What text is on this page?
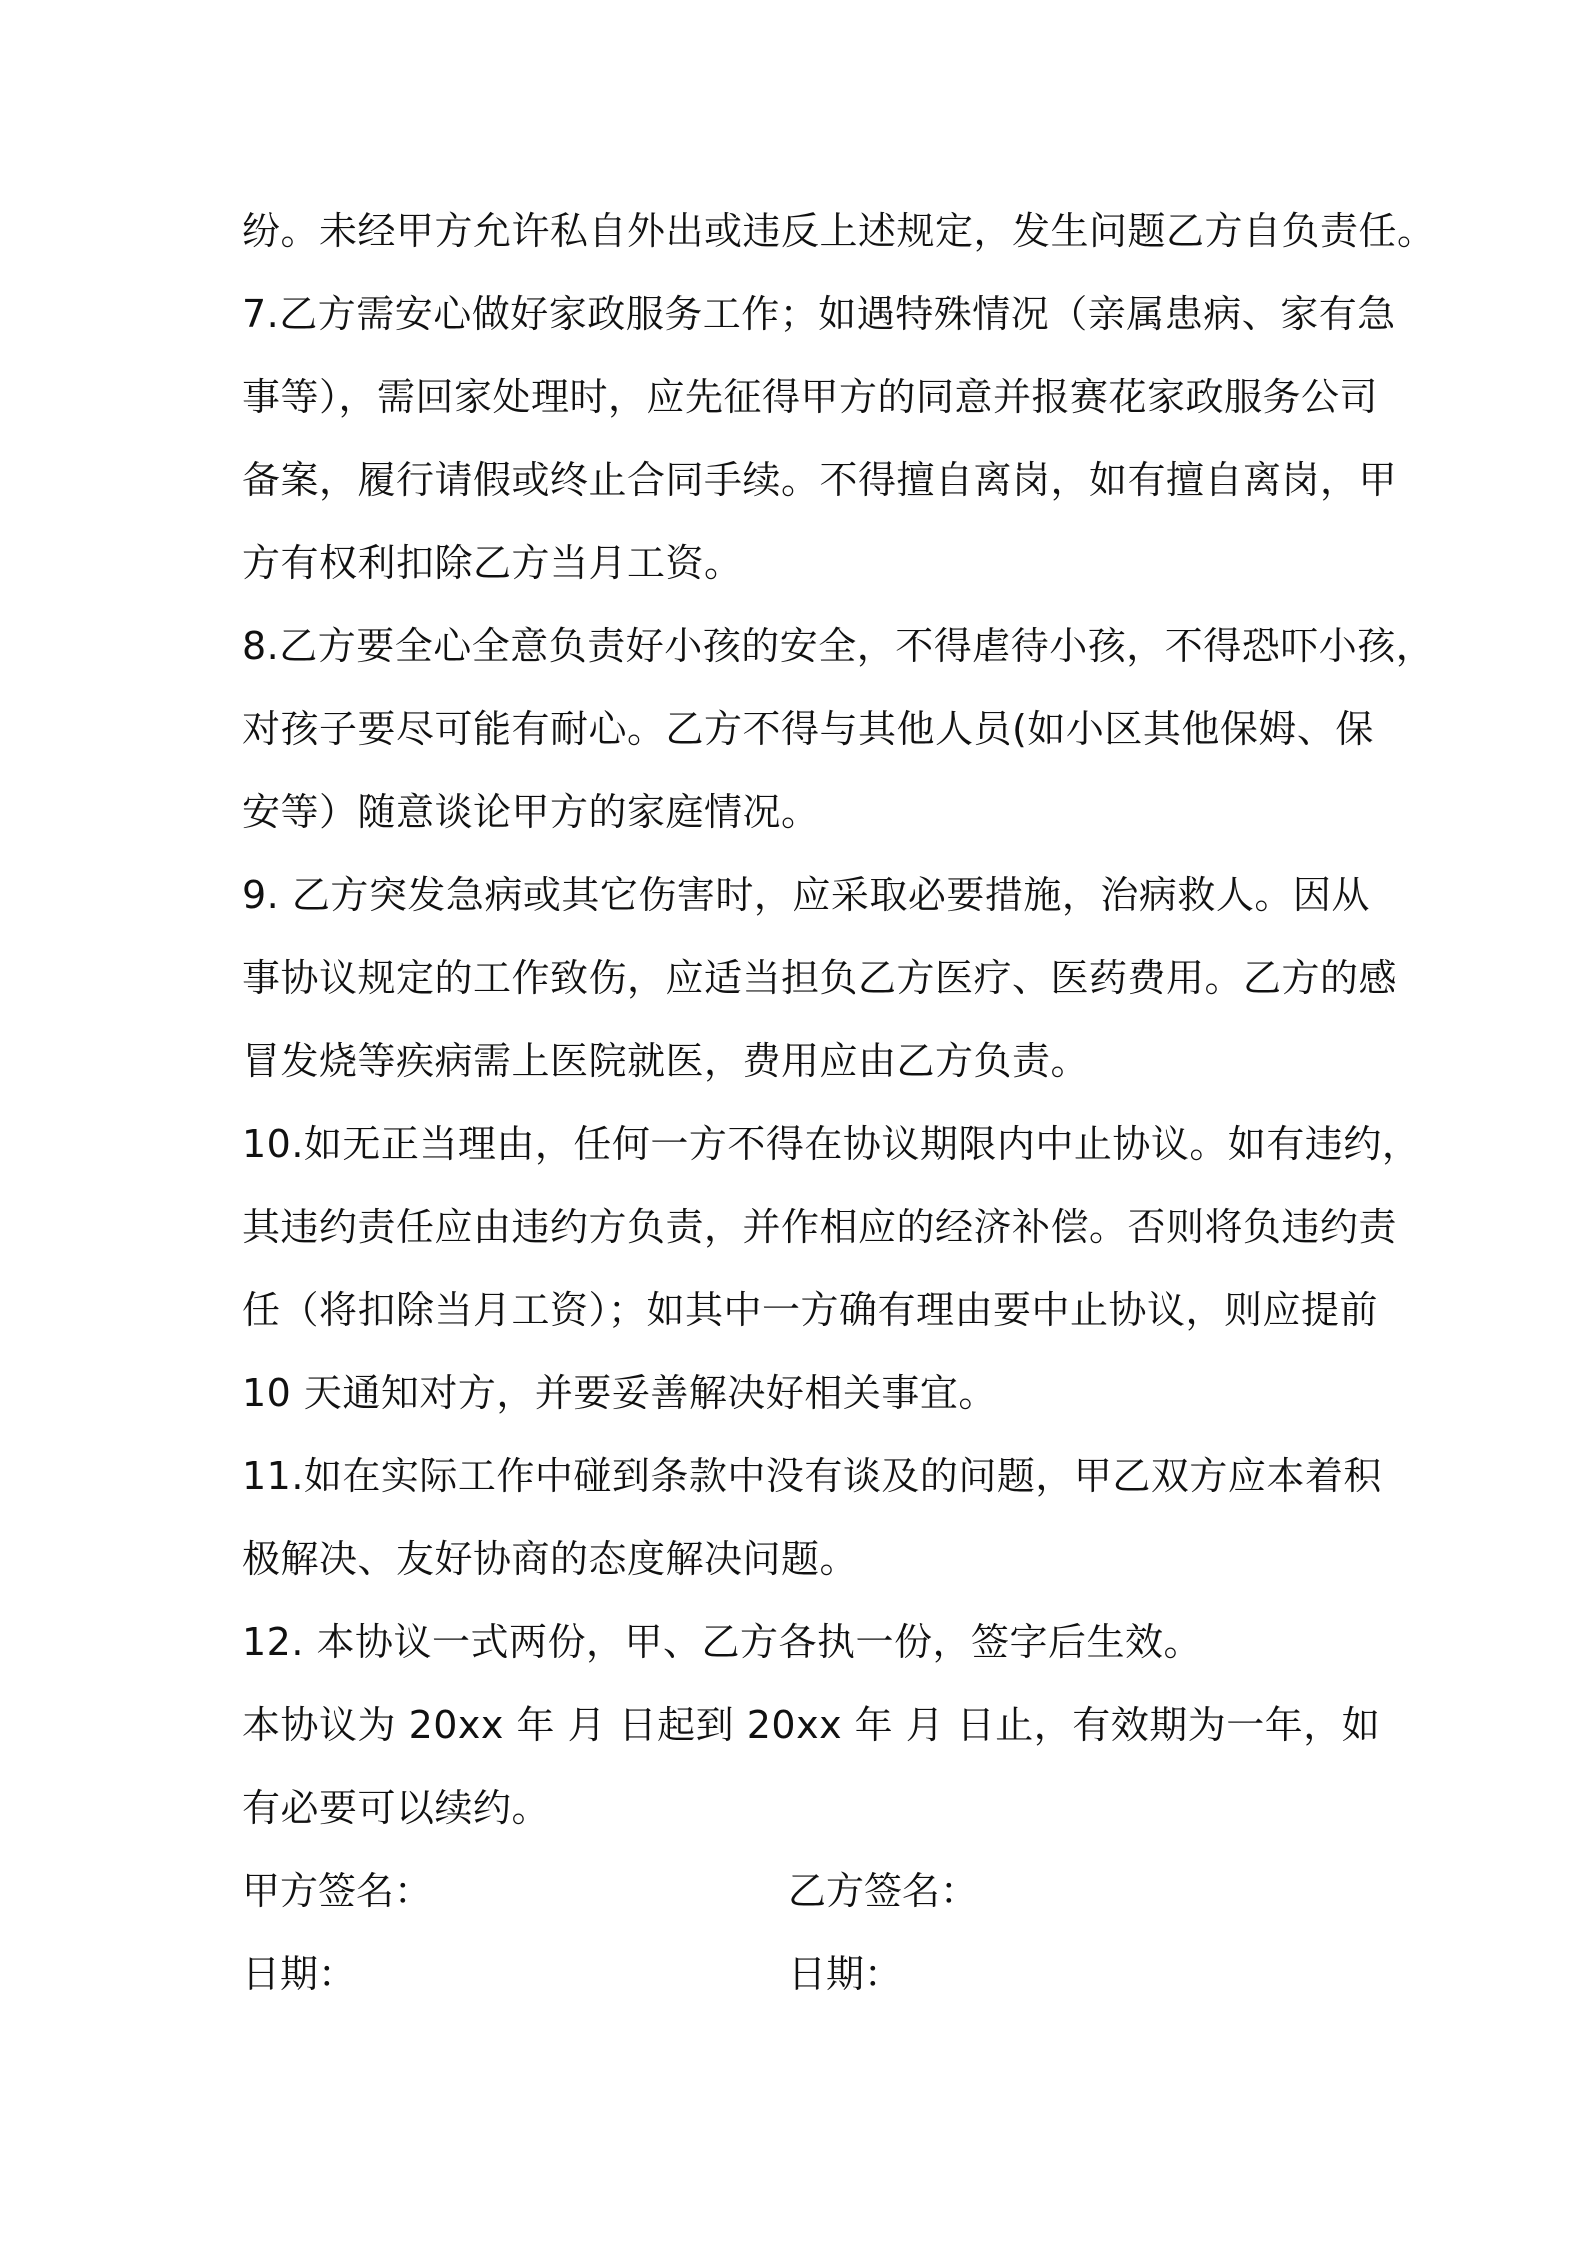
纷。未经甲方允许私自外出或违反上述规定，发生问题乙方自负责任。
7.乙方需安心做好家政服务工作；如遇特殊情况（亲属患病、家有急
事等），需回家处理时，应先征得甲方的同意并报赛花家政服务公司
备案，履行请假或终止合同手续。不得擅自离岗，如有擅自离岗，甲
方有权利扣除乙方当月工资。
8.乙方要全心全意负责好小孩的安全，不得虐待小孩，不得恐吓小孩，
对孩子要尽可能有耐心。乙方不得与其他人员(如小区其他保姆、保
安等）随意谈论甲方的家庭情况。
9. 乙方突发急病或其它伤害时，应采取必要措施，治病救人。因从
事协议规定的工作致伤，应适当担负乙方医疗、医药费用。乙方的感
冒发烧等疾病需上医院就医，费用应由乙方负责。
10.如无正当理由，任何一方不得在协议期限内中止协议。如有违约，
其违约责任应由违约方负责，并作相应的经济补偿。否则将负违约责
任（将扣除当月工资）；如其中一方确有理由要中止协议，则应提前
10 天通知对方，并要妥善解决好相关事宜。
11.如在实际工作中碰到条款中没有谈及的问题，甲乙双方应本着积
极解决、友好协商的态度解决问题。
12. 本协议一式两份，甲、乙方各执一份，签字后生效。
本协议为 20xx 年 月 日起到 20xx 年 月 日止，有效期为一年，如
有必要可以续约。
甲方签名：	乙方签名：
日期：	日期：
